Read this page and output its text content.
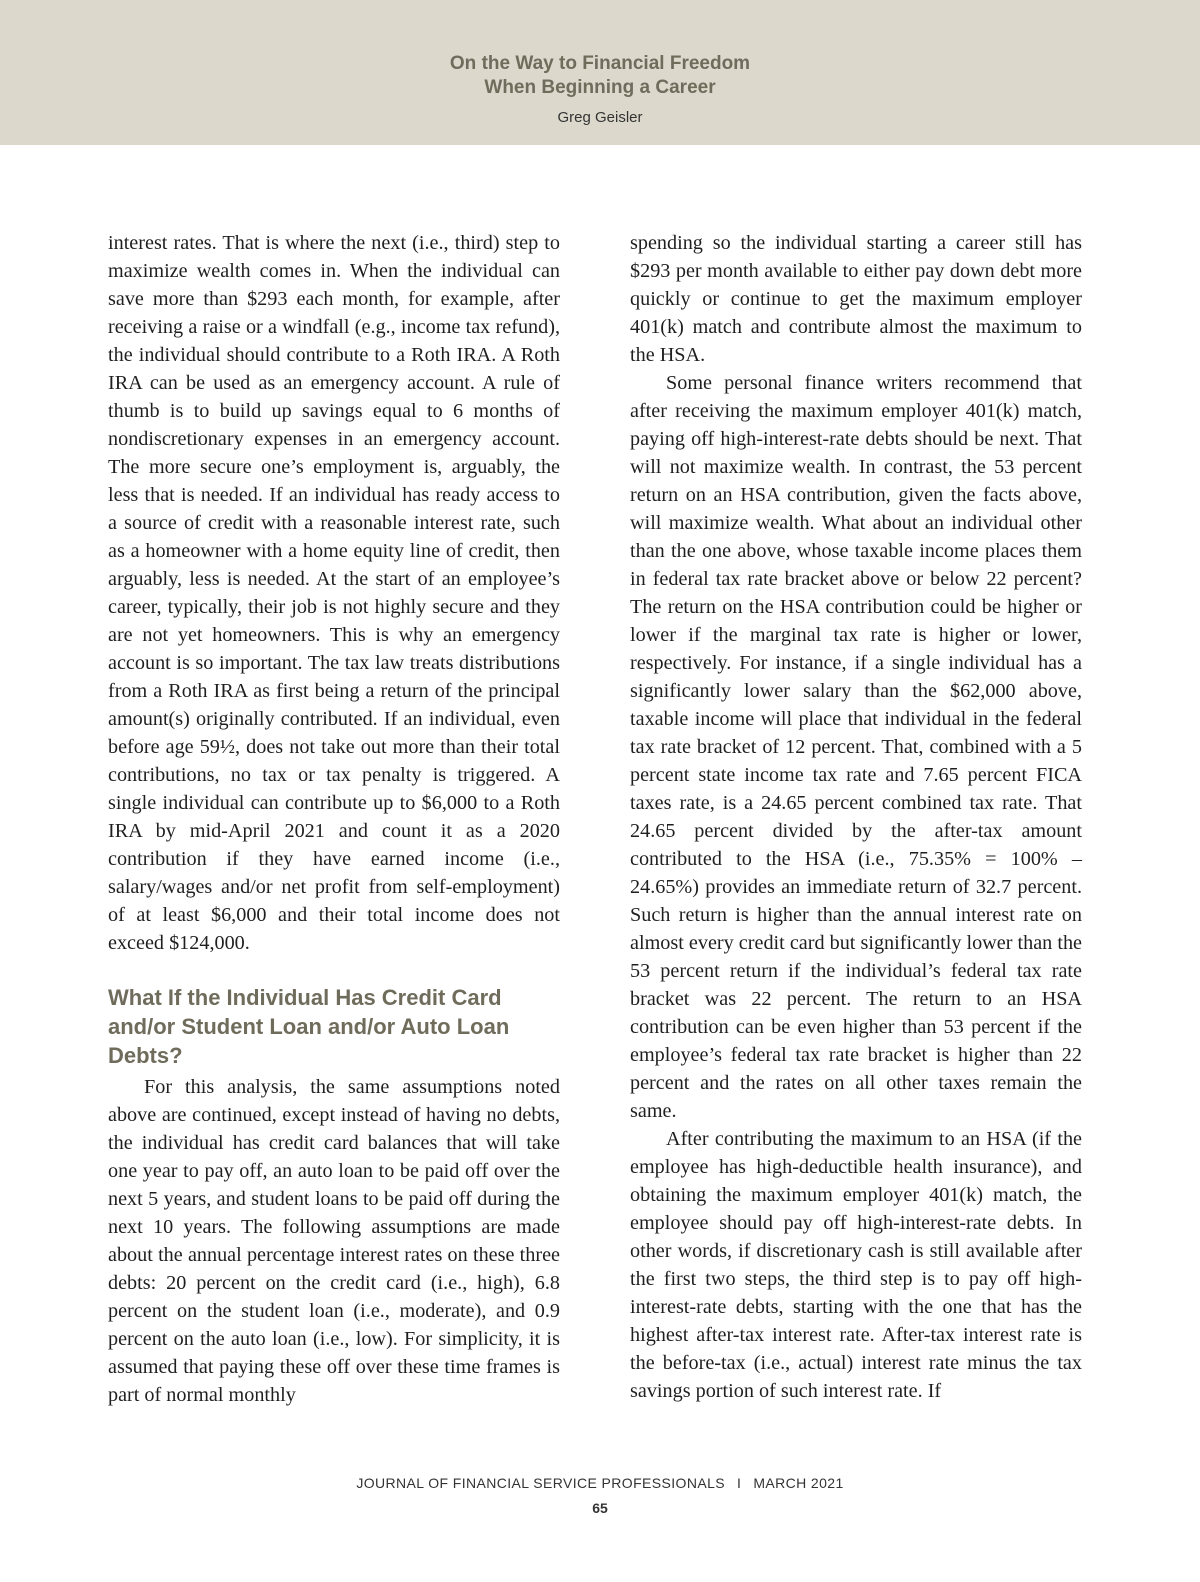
On the Way to Financial Freedom
When Beginning a Career
Greg Geisler

interest rates. That is where the next (i.e., third) step to maximize wealth comes in. When the individual can save more than $293 each month, for example, after receiving a raise or a windfall (e.g., income tax refund), the individual should contribute to a Roth IRA. A Roth IRA can be used as an emergency account. A rule of thumb is to build up savings equal to 6 months of nondiscretionary expenses in an emergency account. The more secure one’s employment is, arguably, the less that is needed. If an individual has ready access to a source of credit with a reasonable interest rate, such as a homeowner with a home equity line of credit, then arguably, less is needed. At the start of an employee’s career, typically, their job is not highly secure and they are not yet homeowners. This is why an emergency account is so important. The tax law treats distributions from a Roth IRA as first being a return of the principal amount(s) originally contributed. If an individual, even before age 59½, does not take out more than their total contributions, no tax or tax penalty is triggered. A single individual can contribute up to $6,000 to a Roth IRA by mid-April 2021 and count it as a 2020 contribution if they have earned income (i.e., salary/wages and/or net profit from self-employment) of at least $6,000 and their total income does not exceed $124,000.

What If the Individual Has Credit Card and/or Student Loan and/or Auto Loan Debts?

For this analysis, the same assumptions noted above are continued, except instead of having no debts, the individual has credit card balances that will take one year to pay off, an auto loan to be paid off over the next 5 years, and student loans to be paid off during the next 10 years. The following assumptions are made about the annual percentage interest rates on these three debts: 20 percent on the credit card (i.e., high), 6.8 percent on the student loan (i.e., moderate), and 0.9 percent on the auto loan (i.e., low). For simplicity, it is assumed that paying these off over these time frames is part of normal monthly

spending so the individual starting a career still has $293 per month available to either pay down debt more quickly or continue to get the maximum employer 401(k) match and contribute almost the maximum to the HSA.

Some personal finance writers recommend that after receiving the maximum employer 401(k) match, paying off high-interest-rate debts should be next. That will not maximize wealth. In contrast, the 53 percent return on an HSA contribution, given the facts above, will maximize wealth. What about an individual other than the one above, whose taxable income places them in federal tax rate bracket above or below 22 percent? The return on the HSA contribution could be higher or lower if the marginal tax rate is higher or lower, respectively. For instance, if a single individual has a significantly lower salary than the $62,000 above, taxable income will place that individual in the federal tax rate bracket of 12 percent. That, combined with a 5 percent state income tax rate and 7.65 percent FICA taxes rate, is a 24.65 percent combined tax rate. That 24.65 percent divided by the after-tax amount contributed to the HSA (i.e., 75.35% = 100% – 24.65%) provides an immediate return of 32.7 percent. Such return is higher than the annual interest rate on almost every credit card but significantly lower than the 53 percent return if the individual’s federal tax rate bracket was 22 percent. The return to an HSA contribution can be even higher than 53 percent if the employee’s federal tax rate bracket is higher than 22 percent and the rates on all other taxes remain the same.

After contributing the maximum to an HSA (if the employee has high-deductible health insurance), and obtaining the maximum employer 401(k) match, the employee should pay off high-interest-rate debts. In other words, if discretionary cash is still available after the first two steps, the third step is to pay off high-interest-rate debts, starting with the one that has the highest after-tax interest rate. After-tax interest rate is the before-tax (i.e., actual) interest rate minus the tax savings portion of such interest rate. If

JOURNAL OF FINANCIAL SERVICE PROFESSIONALS I MARCH 2021
65
